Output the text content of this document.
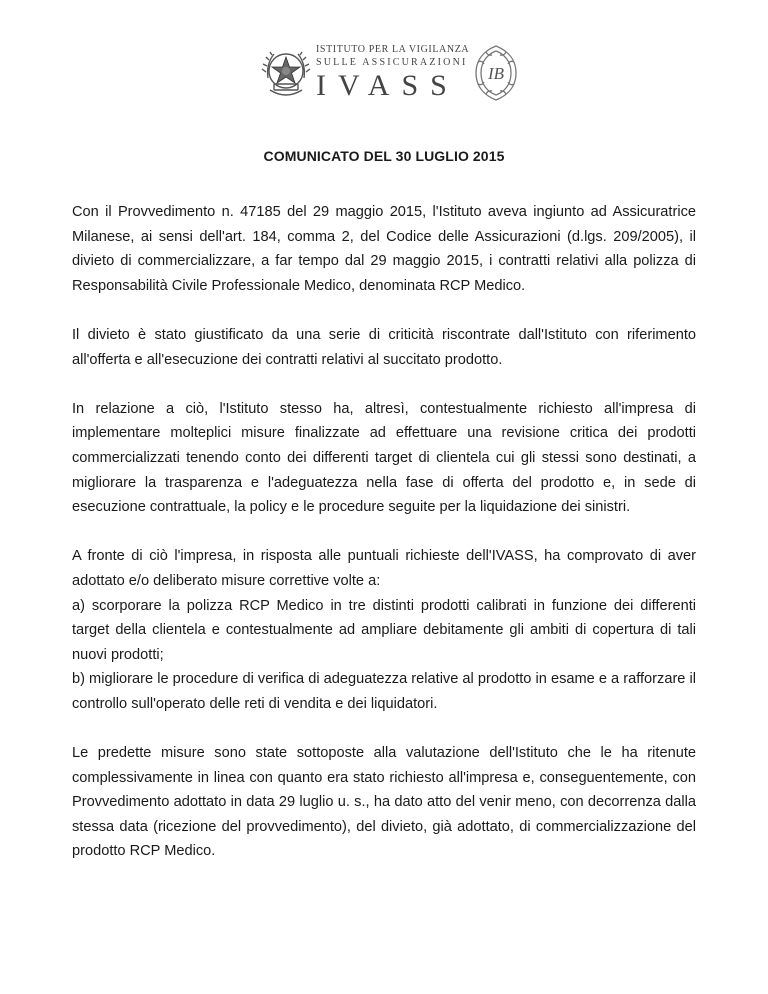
ISTITUTO PER LA VIGILANZA
SULLE ASSICURAZIONI
IVASS IB
COMUNICATO DEL 30 LUGLIO 2015

Con il Provvedimento n. 47185 del 29 maggio 2015, l'Istituto aveva ingiunto ad Assicuratrice Milanese, ai sensi dell'art. 184, comma 2, del Codice delle Assicurazioni (d.lgs. 209/2005), il divieto di commercializzare, a far tempo dal 29 maggio 2015, i contratti relativi alla polizza di Responsabilità Civile Professionale Medico, denominata RCP Medico.

Il divieto è stato giustificato da una serie di criticità riscontrate dall'Istituto con riferimento all'offerta e all'esecuzione dei contratti relativi al succitato prodotto.

In relazione a ciò, l'Istituto stesso ha, altresì, contestualmente richiesto all'impresa di implementare molteplici misure finalizzate ad effettuare una revisione critica dei prodotti commercializzati tenendo conto dei differenti target di clientela cui gli stessi sono destinati, a migliorare la trasparenza e l'adeguatezza nella fase di offerta del prodotto e, in sede di esecuzione contrattuale, la policy e le procedure seguite per la liquidazione dei sinistri.

A fronte di ciò l'impresa, in risposta alle puntuali richieste dell'IVASS, ha comprovato di aver adottato e/o deliberato misure correttive volte a:
a) scorporare la polizza RCP Medico in tre distinti prodotti calibrati in funzione dei differenti target della clientela e contestualmente ad ampliare debitamente gli ambiti di copertura di tali nuovi prodotti;
b) migliorare le procedure di verifica di adeguatezza relative al prodotto in esame e a rafforzare il controllo sull'operato delle reti di vendita e dei liquidatori.

Le predette misure sono state sottoposte alla valutazione dell'Istituto che le ha ritenute complessivamente in linea con quanto era stato richiesto all'impresa e, conseguentemente, con Provvedimento adottato in data 29 luglio u. s., ha dato atto del venir meno, con decorrenza dalla stessa data (ricezione del provvedimento), del divieto, già adottato, di commercializzazione del prodotto RCP Medico.
